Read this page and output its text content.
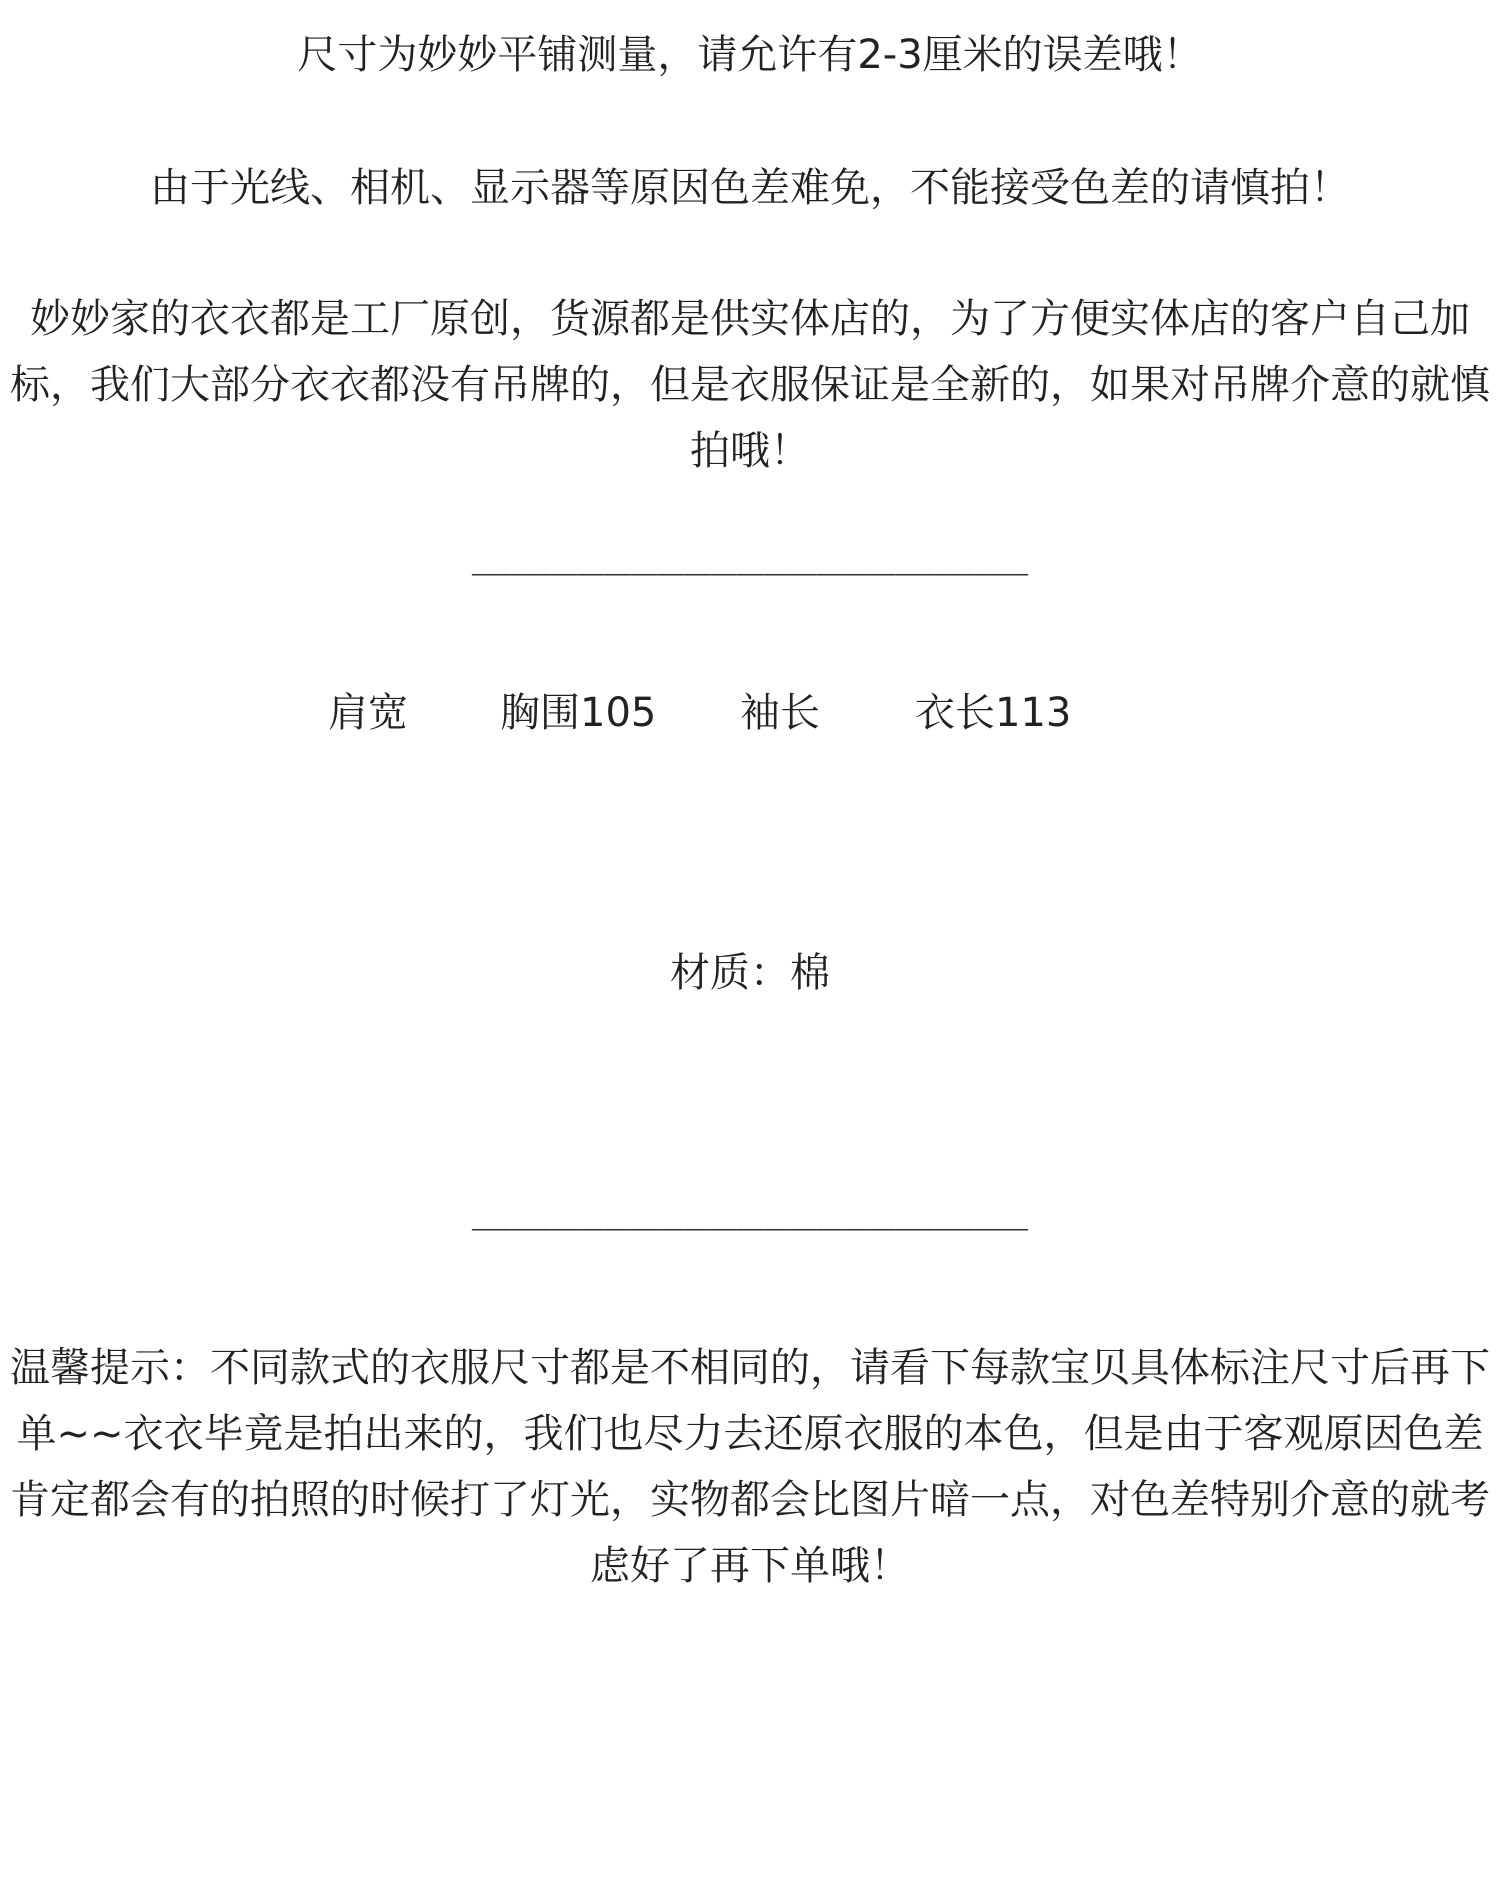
尺寸为妙妙平铺测量，请允许有2-3厘米的误差哦！
由于光线、相机、显示器等原因色差难免，不能接受色差的请慎拍！
妙妙家的衣衣都是工厂原创，货源都是供实体店的，为了方便实体店的客户自己加标，我们大部分衣衣都没有吊牌的，但是衣服保证是全新的，如果对吊牌介意的就慎拍哦！
——————————————————————————————————————————
肩宽 胸围105 袖长 衣长113
材质：棉
——————————————————————————————————————————
温馨提示：不同款式的衣服尺寸都是不相同的，请看下每款宝贝具体标注尺寸后再下单~~衣衣毕竟是拍出来的，我们也尽力去还原衣服的本色，但是由于客观原因色差肯定都会有的拍照的时候打了灯光，实物都会比图片暗一点，对色差特别介意的就考虑好了再下单哦！
